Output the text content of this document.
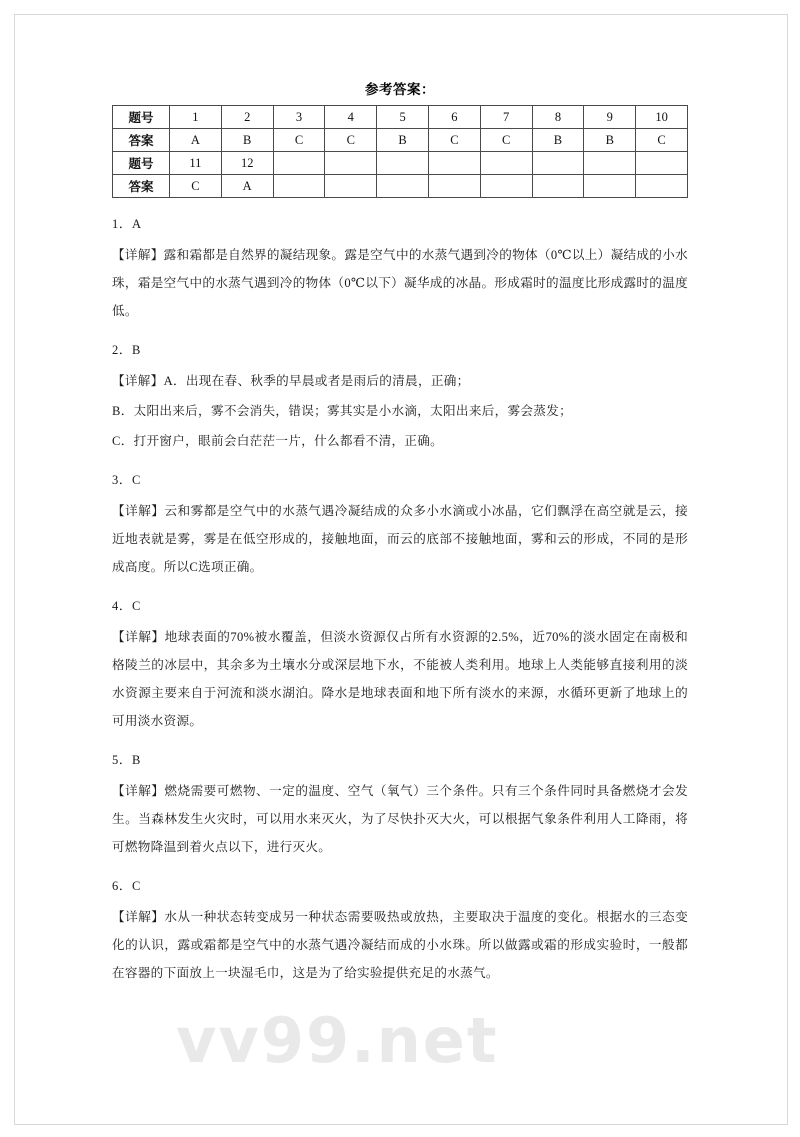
参考答案：
题号	1	2	3	4	5	6	7	8	9	10
答案	A	B	C	C	B	C	C	B	B	C
题号	11	12								
答案	C	A								
1．A

【详解】露和霜都是自然界的凝结现象。露是空气中的水蒸气遇到冷的物体（0℃以上）凝结成的小水珠，霜是空气中的水蒸气遇到冷的物体（0℃以下）凝华成的冰晶。形成霜时的温度比形成露时的温度低。

2．B

【详解】A．出现在春、秋季的早晨或者是雨后的清晨，正确；

B．太阳出来后，雾不会消失，错误；雾其实是小水滴，太阳出来后，雾会蒸发；

C．打开窗户，眼前会白茫茫一片，什么都看不清，正确。

3．C

【详解】云和雾都是空气中的水蒸气遇冷凝结成的众多小水滴或小冰晶，它们飘浮在高空就是云，接近地表就是雾，雾是在低空形成的，接触地面，而云的底部不接触地面，雾和云的形成，不同的是形成高度。所以C选项正确。

4．C

【详解】地球表面的70%被水覆盖，但淡水资源仅占所有水资源的2.5%，近70%的淡水固定在南极和格陵兰的冰层中，其余多为土壤水分或深层地下水，不能被人类利用。地球上人类能够直接利用的淡水资源主要来自于河流和淡水湖泊。降水是地球表面和地下所有淡水的来源，水循环更新了地球上的可用淡水资源。

5．B

【详解】燃烧需要可燃物、一定的温度、空气（氧气）三个条件。只有三个条件同时具备燃烧才会发生。当森林发生火灾时，可以用水来灭火，为了尽快扑灭大火，可以根据气象条件利用人工降雨，将可燃物降温到着火点以下，进行灭火。

6．C

【详解】水从一种状态转变成另一种状态需要吸热或放热，主要取决于温度的变化。根据水的三态变化的认识，露或霜都是空气中的水蒸气遇冷凝结而成的小水珠。所以做露或霜的形成实验时，一般都在容器的下面放上一块湿毛巾，这是为了给实验提供充足的水蒸气。

vv99.net
